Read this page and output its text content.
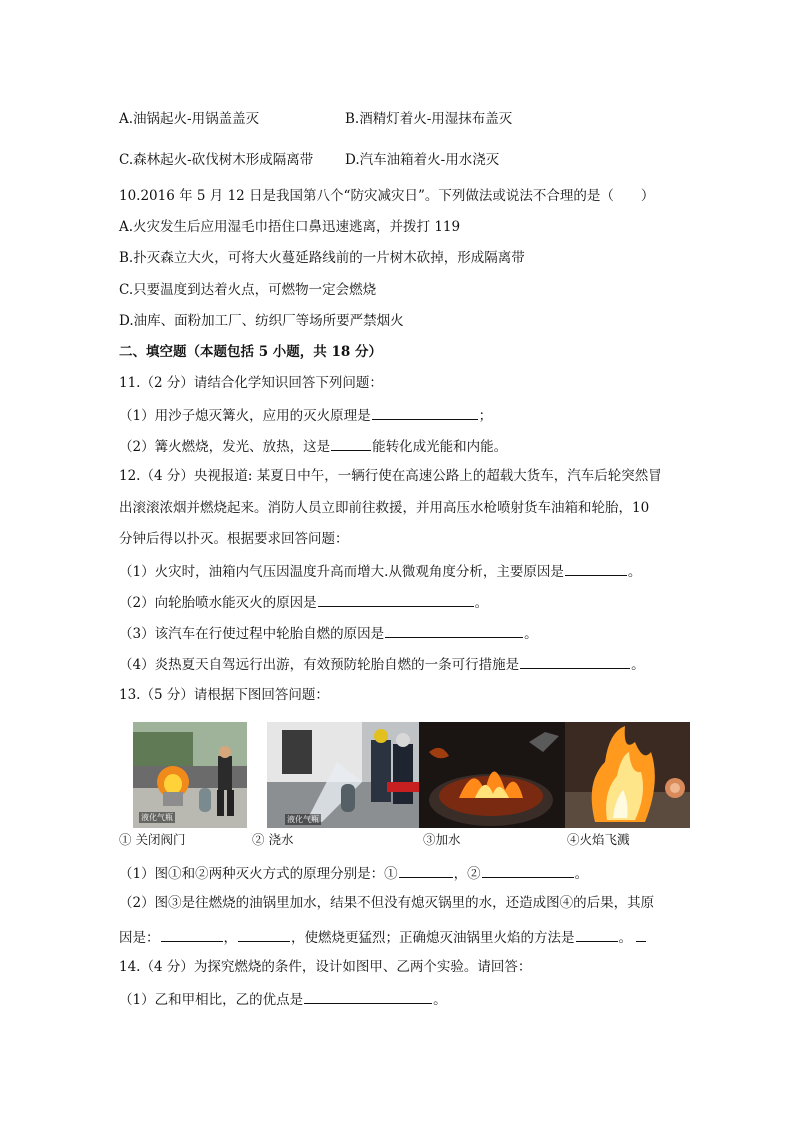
A.油锅起火-用锅盖盖灭	B.酒精灯着火-用湿抹布盖灭
C.森林起火-砍伐树木形成隔离带 D.汽车油箱着火-用水浇灭
10.2016 年 5 月 12 日是我国第八个“防灾减灾日”。下列做法或说法不合理的是（　　）
A.火灾发生后应用湿毛巾捂住口鼻迅速逃离，并拨打 119
B.扑灭森立大火，可将大火蔓延路线前的一片树木砍掉，形成隔离带
C.只要温度到达着火点，可燃物一定会燃烧
D.油库、面粉加工厂、纺织厂等场所要严禁烟火
二、填空题（本题包括 5 小题，共 18 分）
11.（2 分）请结合化学知识回答下列问题：
（1）用沙子熄灭篝火，应用的灭火原理是	；
（2）篝火燃烧，发光、放热，这是	能转化成光能和内能。
12.（4 分）央视报道: 某夏日中午，一辆行使在高速公路上的超载大货车，汽车后轮突然冒
出滚滚浓烟并燃烧起来。消防人员立即前往救援，并用高压水枪喷射货车油箱和轮胎，10
分钟后得以扑灭。根据要求回答问题：
（1）火灾时，油箱内气压因温度升高而增大.从微观角度分析，主要原因是	。
（2）向轮胎喷水能灭火的原因是	。
（3）该汽车在行使过程中轮胎自燃的原因是	。
（4）炎热夏天自驾远行出游，有效预防轮胎自燃的一条可行措施是	。
13.（5 分）请根据下图回答问题：
液化气瓶	液化气瓶
① 关闭阀门	② 浇水	③加水	④火焰飞溅
（1）图①和②两种灭火方式的原理分别是：①	，②	。
（2）图③是往燃烧的油锅里加水，结果不但没有熄灭锅里的水，还造成图④的后果，其原
因是：	，	，使燃烧更猛烈；正确熄灭油锅里火焰的方法是	。
14.（4 分）为探究燃烧的条件，设计如图甲、乙两个实验。请回答：
（1）乙和甲相比，乙的优点是	。
